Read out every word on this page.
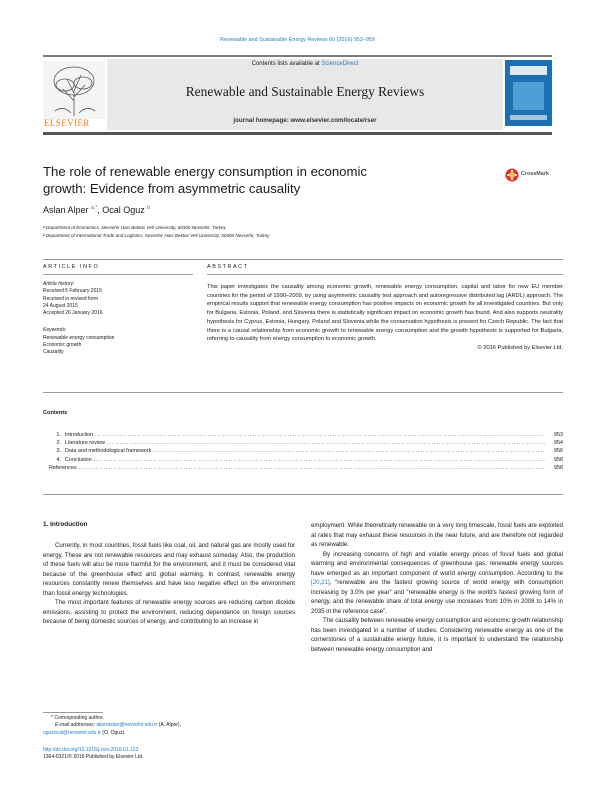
Renewable and Sustainable Energy Reviews 60 (2016) 953–959
ELSEVIER
Contents lists available at ScienceDirect
Renewable and Sustainable Energy Reviews
journal homepage: www.elsevier.com/locate/rser
The role of renewable energy consumption in economic
growth: Evidence from asymmetric causality
CrossMark
Aslan Alper $^{a,*}$, Ocal Oguz $^b$
ᵃ Department of Economics, Nevsehir Haci Bektas Veli University, 50300 Nevsehir, Turkey
ᵇ Department of International Trade and Logistics, Nevsehir Haci Bektas Veli University, 50300 Nevsehir, Turkey
ARTICLE INFO	ABSTRACT
Article history:
Received 5 February 2015
Received in revised form
24 August 2015
Accepted 26 January 2016
Keywords:
Renewable energy consumption
Economic growth
Causality
This paper investigates the causality among economic growth, renewable energy consumption, capital and labor for new EU member countries for the period of 1990–2009, by using asymmetric causality test approach and autoregressive distributed lag (ARDL) approach. The empirical results support that renewable energy consumption has positive impacts on economic growth for all investigated countries. But only for Bulgaria, Estonia, Poland, and Slovenia there is statistically significant impact on economic growth has found. And also supports neutrality hypothesis for Cyprus, Estonia, Hungary, Poland and Slovenia while the conservation hypothesis is present for Czech Republic. The fact that there is a causal relationship from economic growth to renewable energy consumption and the growth hypothesis is supported for Bulgaria, referring to causality from energy consumption to economic growth.
© 2016 Published by Elsevier Ltd.
Contents
1. Introduction .....	953
2. Literature review .....	954
3. Data and methodological framework .....	956
4. Conclusion .....	958
References .....	958
1. Introduction

Currently, in most countries, fossil fuels like coal, oil, and natural gas are mostly used for energy. These are not renewable resources and may exhaust someday. Also, the production of these fuels will also be more harmful for the environment, and it must be considered vital because of the greenhouse effect and global warming. In contrast, renewable energy resources constantly renew themselves and have less negative effect on the environment than fossil energy technologies.

The most important features of renewable energy sources are reducing carbon dioxide emissions, assisting to protect the environment, reducing dependence on foreign sources because of being domestic sources of energy, and contributing to an increase in

employment. While theoretically renewable on a very long timescale, fossil fuels are exploited at rates that may exhaust these resources in the near future, and are therefore not regarded as renewable.

By increasing concerns of high and volatile energy prices of fossil fuels and global warming and environmental consequences of greenhouse gas, renewable energy sources have emerged as an important component of world energy consumption. According to the [20,21], “renewable are the fastest growing source of world energy with consumption increasing by 3.0% per year” and “renewable energy is the world's fastest growing form of energy, and the renewable share of total energy use increases from 10% in 2008 to 14% in 2035 in the reference case”.

The causality between renewable energy consumption and economic growth relationship has been investigated in a number of studies. Considering renewable energy as one of the cornerstones of a sustainable energy future, it is important to understand the relationship between renewable energy consumption and

* Corresponding author.
E-mail addresses: alperaslan@nevsehir.edu.tr (A. Alper),
oguzocal@nevsehir.edu.tr (O. Oguz).
http://dx.doi.org/10.1016/j.rser.2016.01.123
1364-0321/© 2016 Published by Elsevier Ltd.
